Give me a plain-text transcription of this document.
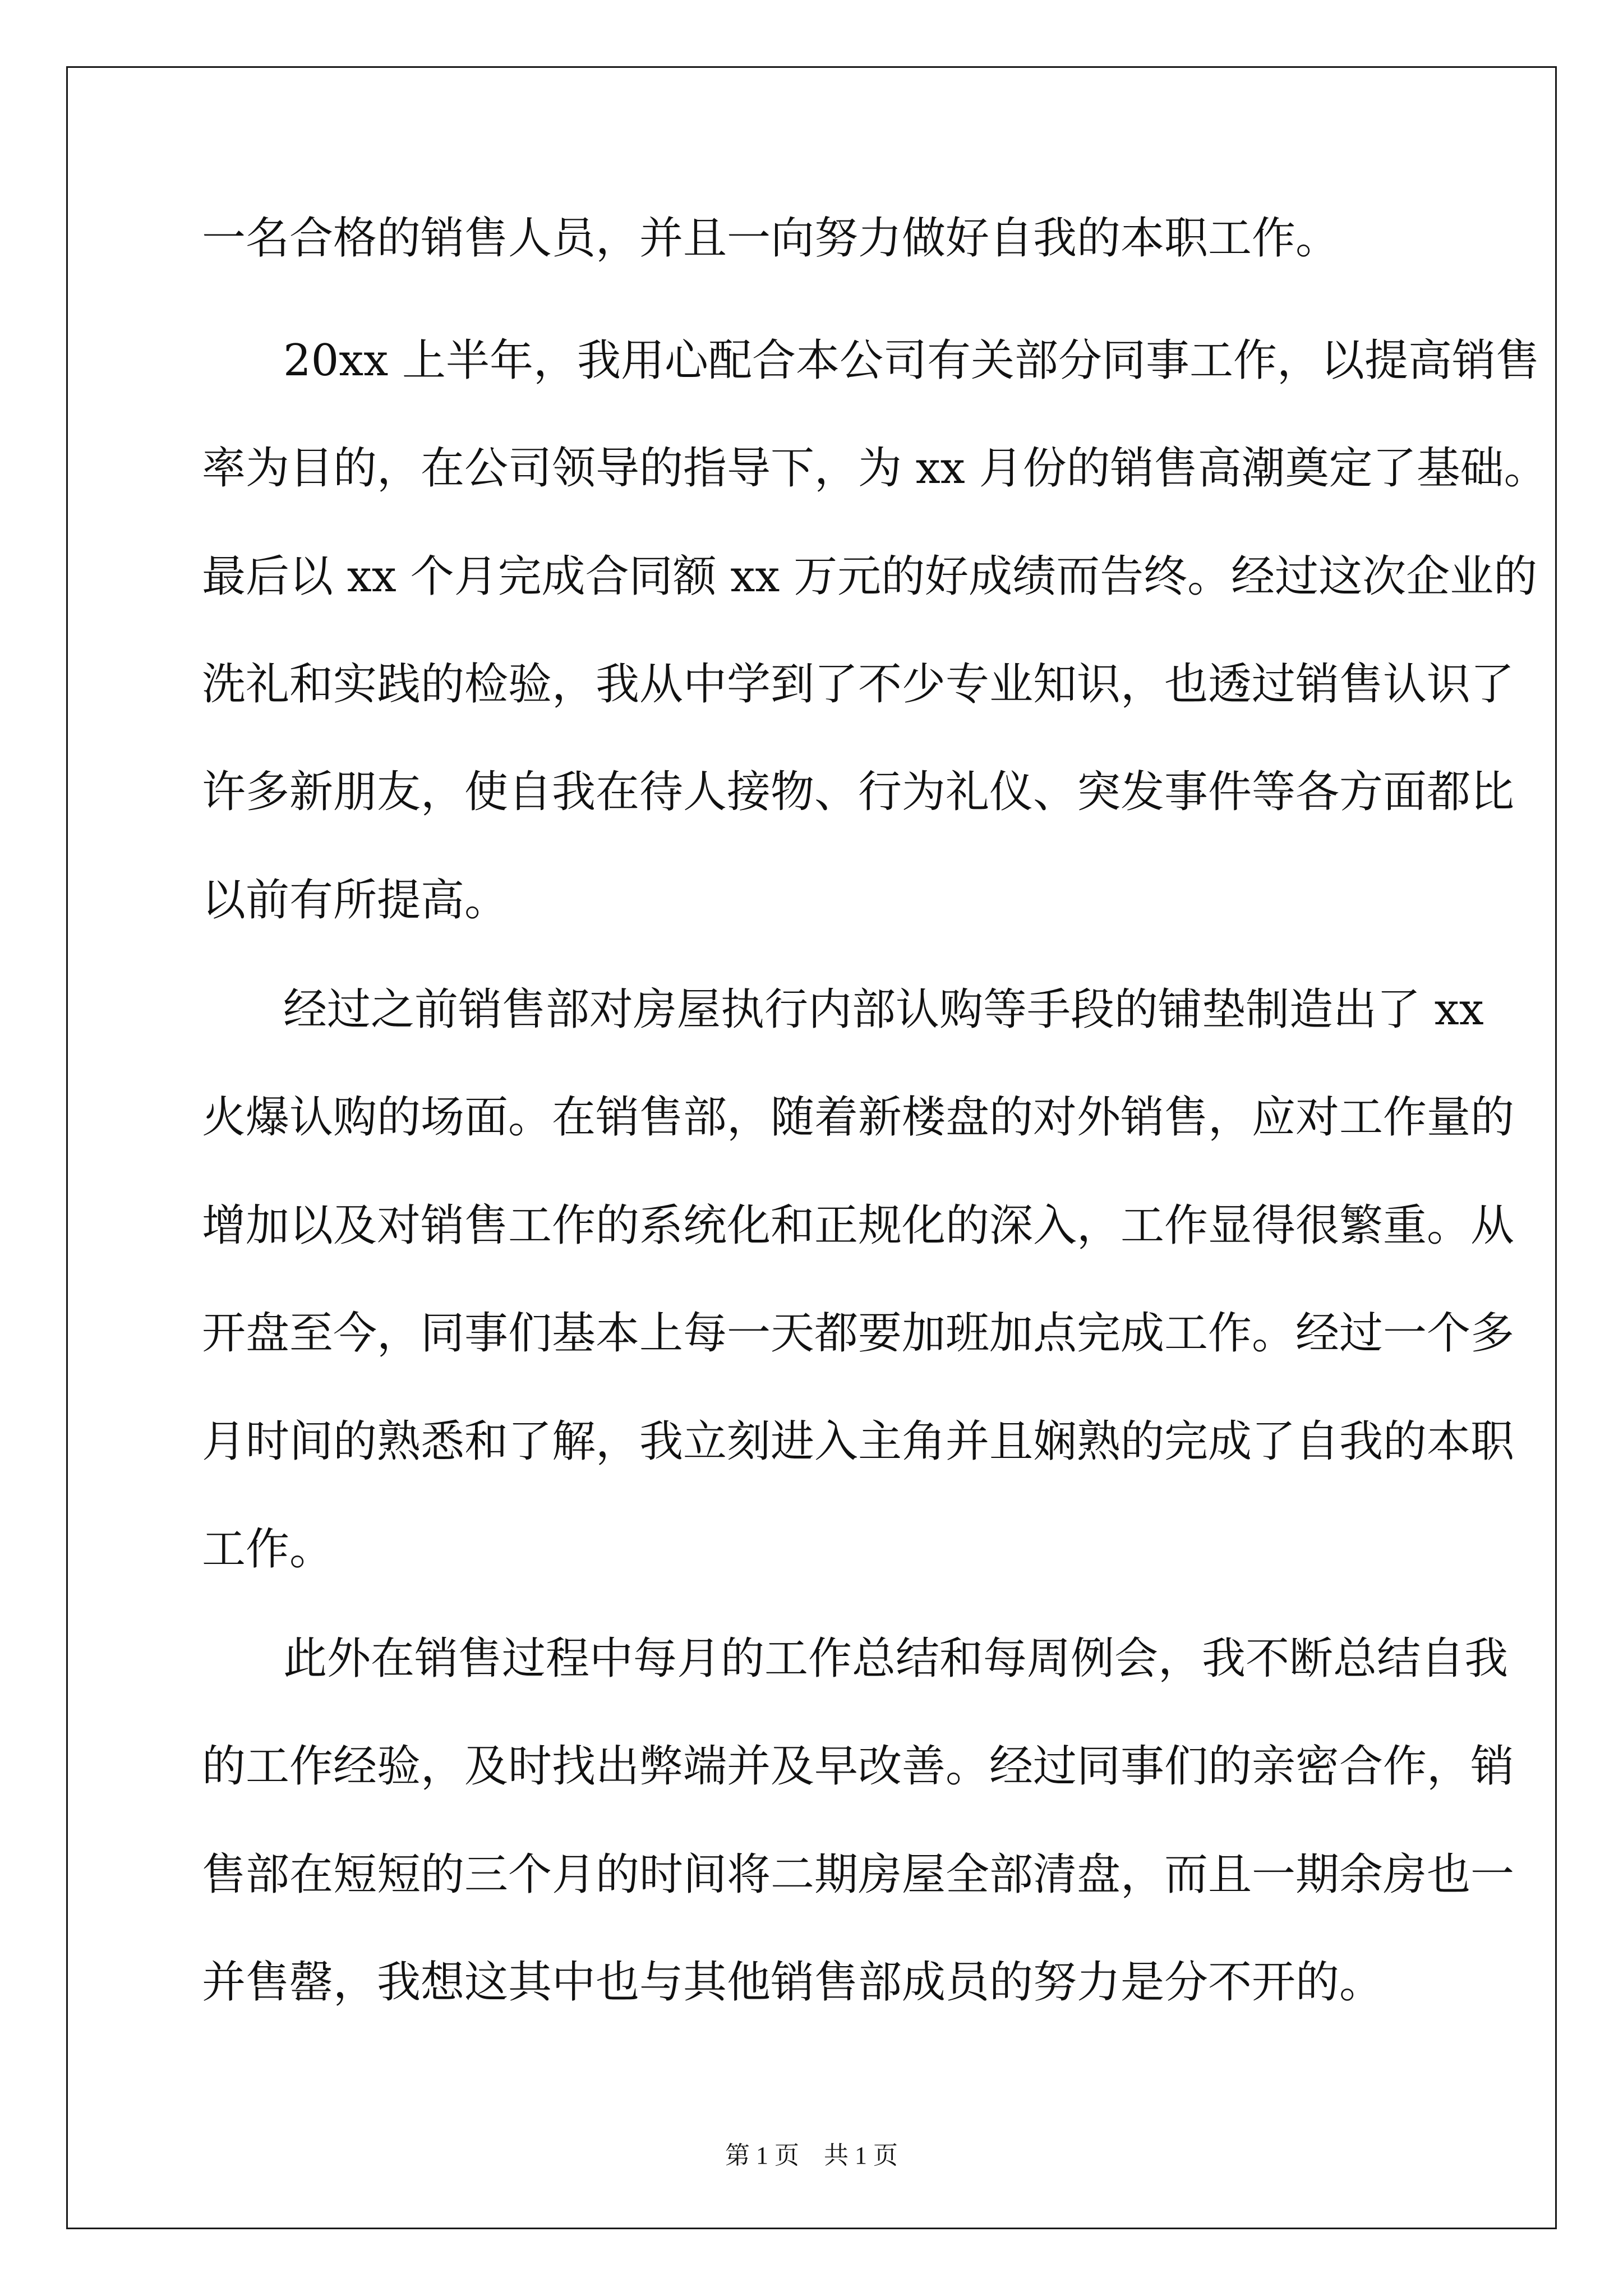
一名合格的销售人员，并且一向努力做好自我的本职工作。
20xx 上半年，我用心配合本公司有关部分同事工作，以提高销售
率为目的，在公司领导的指导下，为 xx 月份的销售高潮奠定了基础。
最后以 xx 个月完成合同额 xx 万元的好成绩而告终。经过这次企业的
洗礼和实践的检验，我从中学到了不少专业知识，也透过销售认识了
许多新朋友，使自我在待人接物、行为礼仪、突发事件等各方面都比
以前有所提高。
经过之前销售部对房屋执行内部认购等手段的铺垫制造出了 xx
火爆认购的场面。在销售部，随着新楼盘的对外销售，应对工作量的
增加以及对销售工作的系统化和正规化的深入，工作显得很繁重。从
开盘至今，同事们基本上每一天都要加班加点完成工作。经过一个多
月时间的熟悉和了解，我立刻进入主角并且娴熟的完成了自我的本职
工作。
此外在销售过程中每月的工作总结和每周例会，我不断总结自我
的工作经验，及时找出弊端并及早改善。经过同事们的亲密合作，销
售部在短短的三个月的时间将二期房屋全部清盘，而且一期余房也一
并售罄，我想这其中也与其他销售部成员的努力是分不开的。
第 1 页　共 1 页
